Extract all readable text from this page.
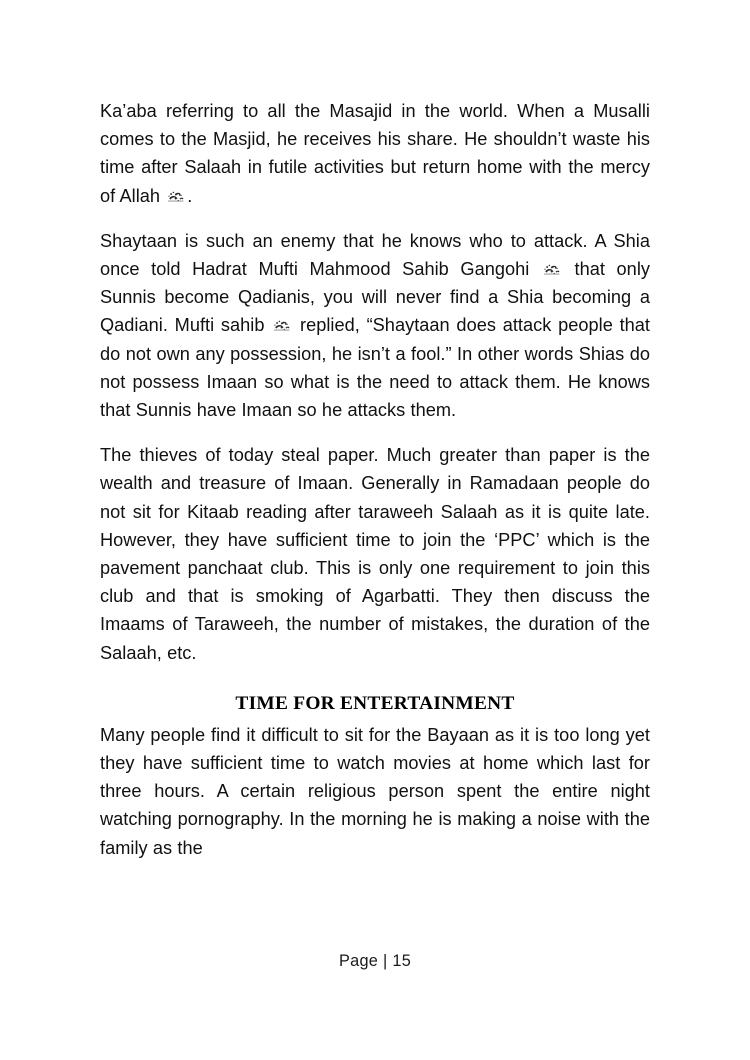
Ka’aba referring to all the Masajid in the world. When a Musalli comes to the Masjid, he receives his share. He shouldn’t waste his time after Salaah in futile activities but return home with the mercy of Allah
.

Shaytaan is such an enemy that he knows who to attack. A Shia once told Hadrat Mufti Mahmood Sahib Gangohi
that only Sunnis become Qadianis, you will never find a Shia becoming a Qadiani. Mufti sahib
replied, “Shaytaan does attack people that do not own any possession, he isn’t a fool.” In other words Shias do not possess Imaan so what is the need to attack them. He knows that Sunnis have Imaan so he attacks them.

The thieves of today steal paper. Much greater than paper is the wealth and treasure of Imaan. Generally in Ramadaan people do not sit for Kitaab reading after taraweeh Salaah as it is quite late. However, they have sufficient time to join the ‘PPC’ which is the pavement panchaat club. This is only one requirement to join this club and that is smoking of Agarbatti. They then discuss the Imaams of Taraweeh, the number of mistakes, the duration of the Salaah, etc.

TIME FOR ENTERTAINMENT

Many people find it difficult to sit for the Bayaan as it is too long yet they have sufficient time to watch movies at home which last for three hours. A certain religious person spent the entire night watching pornography. In the morning he is making a noise with the family as the

Page | 15
